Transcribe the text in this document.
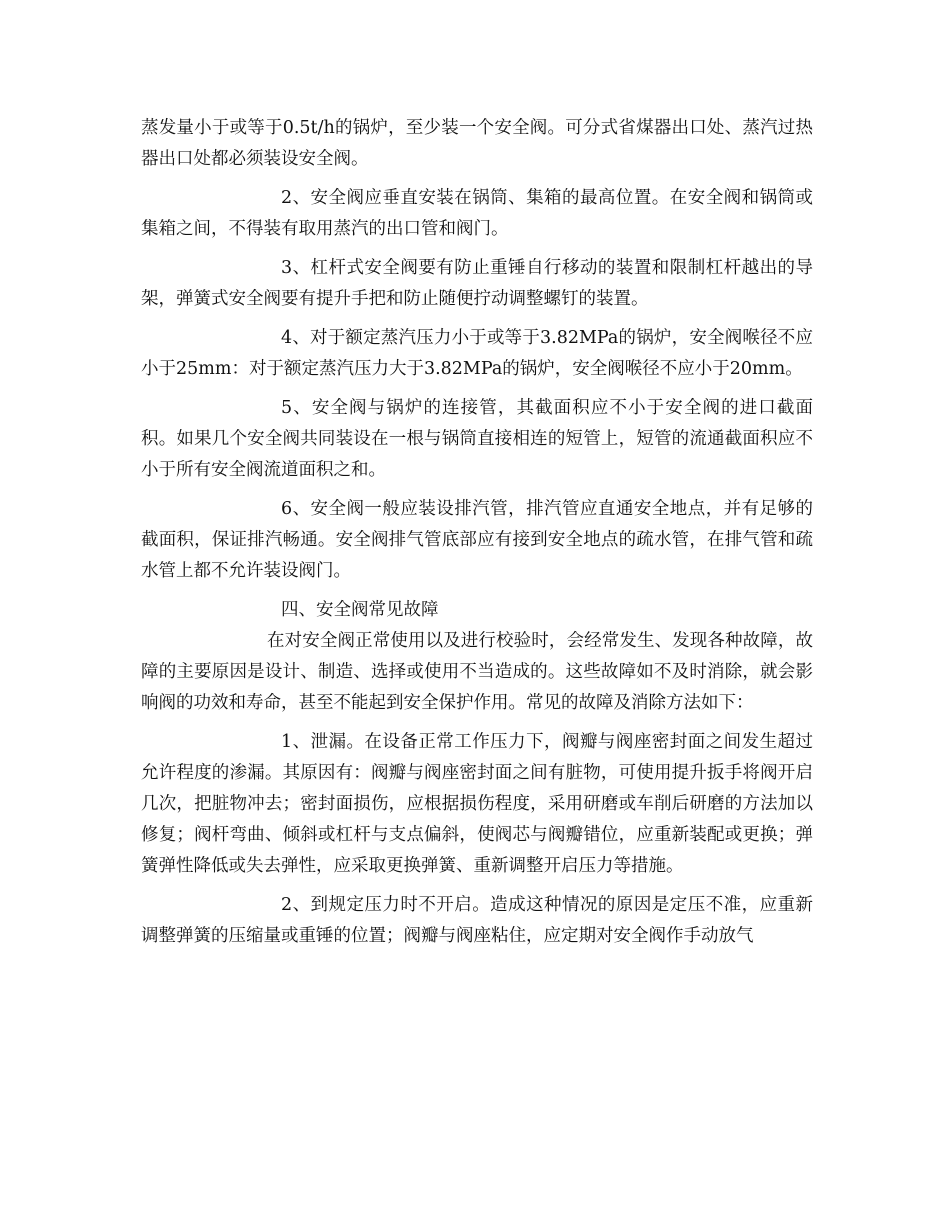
蒸发量小于或等于0.5t/h的锅炉，至少装一个安全阀。可分式省煤器出口处、蒸汽过热器出口处都必须装设安全阀。

2、安全阀应垂直安装在锅筒、集箱的最高位置。在安全阀和锅筒或集箱之间，不得装有取用蒸汽的出口管和阀门。

3、杠杆式安全阀要有防止重锤自行移动的装置和限制杠杆越出的导架，弹簧式安全阀要有提升手把和防止随便拧动调整螺钉的装置。

4、对于额定蒸汽压力小于或等于3.82MPa的锅炉，安全阀喉径不应小于25mm：对于额定蒸汽压力大于3.82MPa的锅炉，安全阀喉径不应小于20mm。

5、安全阀与锅炉的连接管，其截面积应不小于安全阀的进口截面积。如果几个安全阀共同装设在一根与锅筒直接相连的短管上，短管的流通截面积应不小于所有安全阀流道面积之和。

6、安全阀一般应装设排汽管，排汽管应直通安全地点，并有足够的截面积，保证排汽畅通。安全阀排气管底部应有接到安全地点的疏水管，在排气管和疏水管上都不允许装设阀门。

四、安全阀常见故障

在对安全阀正常使用以及进行校验时，会经常发生、发现各种故障，故障的主要原因是设计、制造、选择或使用不当造成的。这些故障如不及时消除，就会影响阀的功效和寿命，甚至不能起到安全保护作用。常见的故障及消除方法如下：

1、泄漏。在设备正常工作压力下，阀瓣与阀座密封面之间发生超过允许程度的渗漏。其原因有：阀瓣与阀座密封面之间有脏物，可使用提升扳手将阀开启几次，把脏物冲去；密封面损伤，应根据损伤程度，采用研磨或车削后研磨的方法加以修复；阀杆弯曲、倾斜或杠杆与支点偏斜，使阀芯与阀瓣错位，应重新装配或更换；弹簧弹性降低或失去弹性，应采取更换弹簧、重新调整开启压力等措施。

2、到规定压力时不开启。造成这种情况的原因是定压不准，应重新调整弹簧的压缩量或重锤的位置；阀瓣与阀座粘住，应定期对安全阀作手动放气
